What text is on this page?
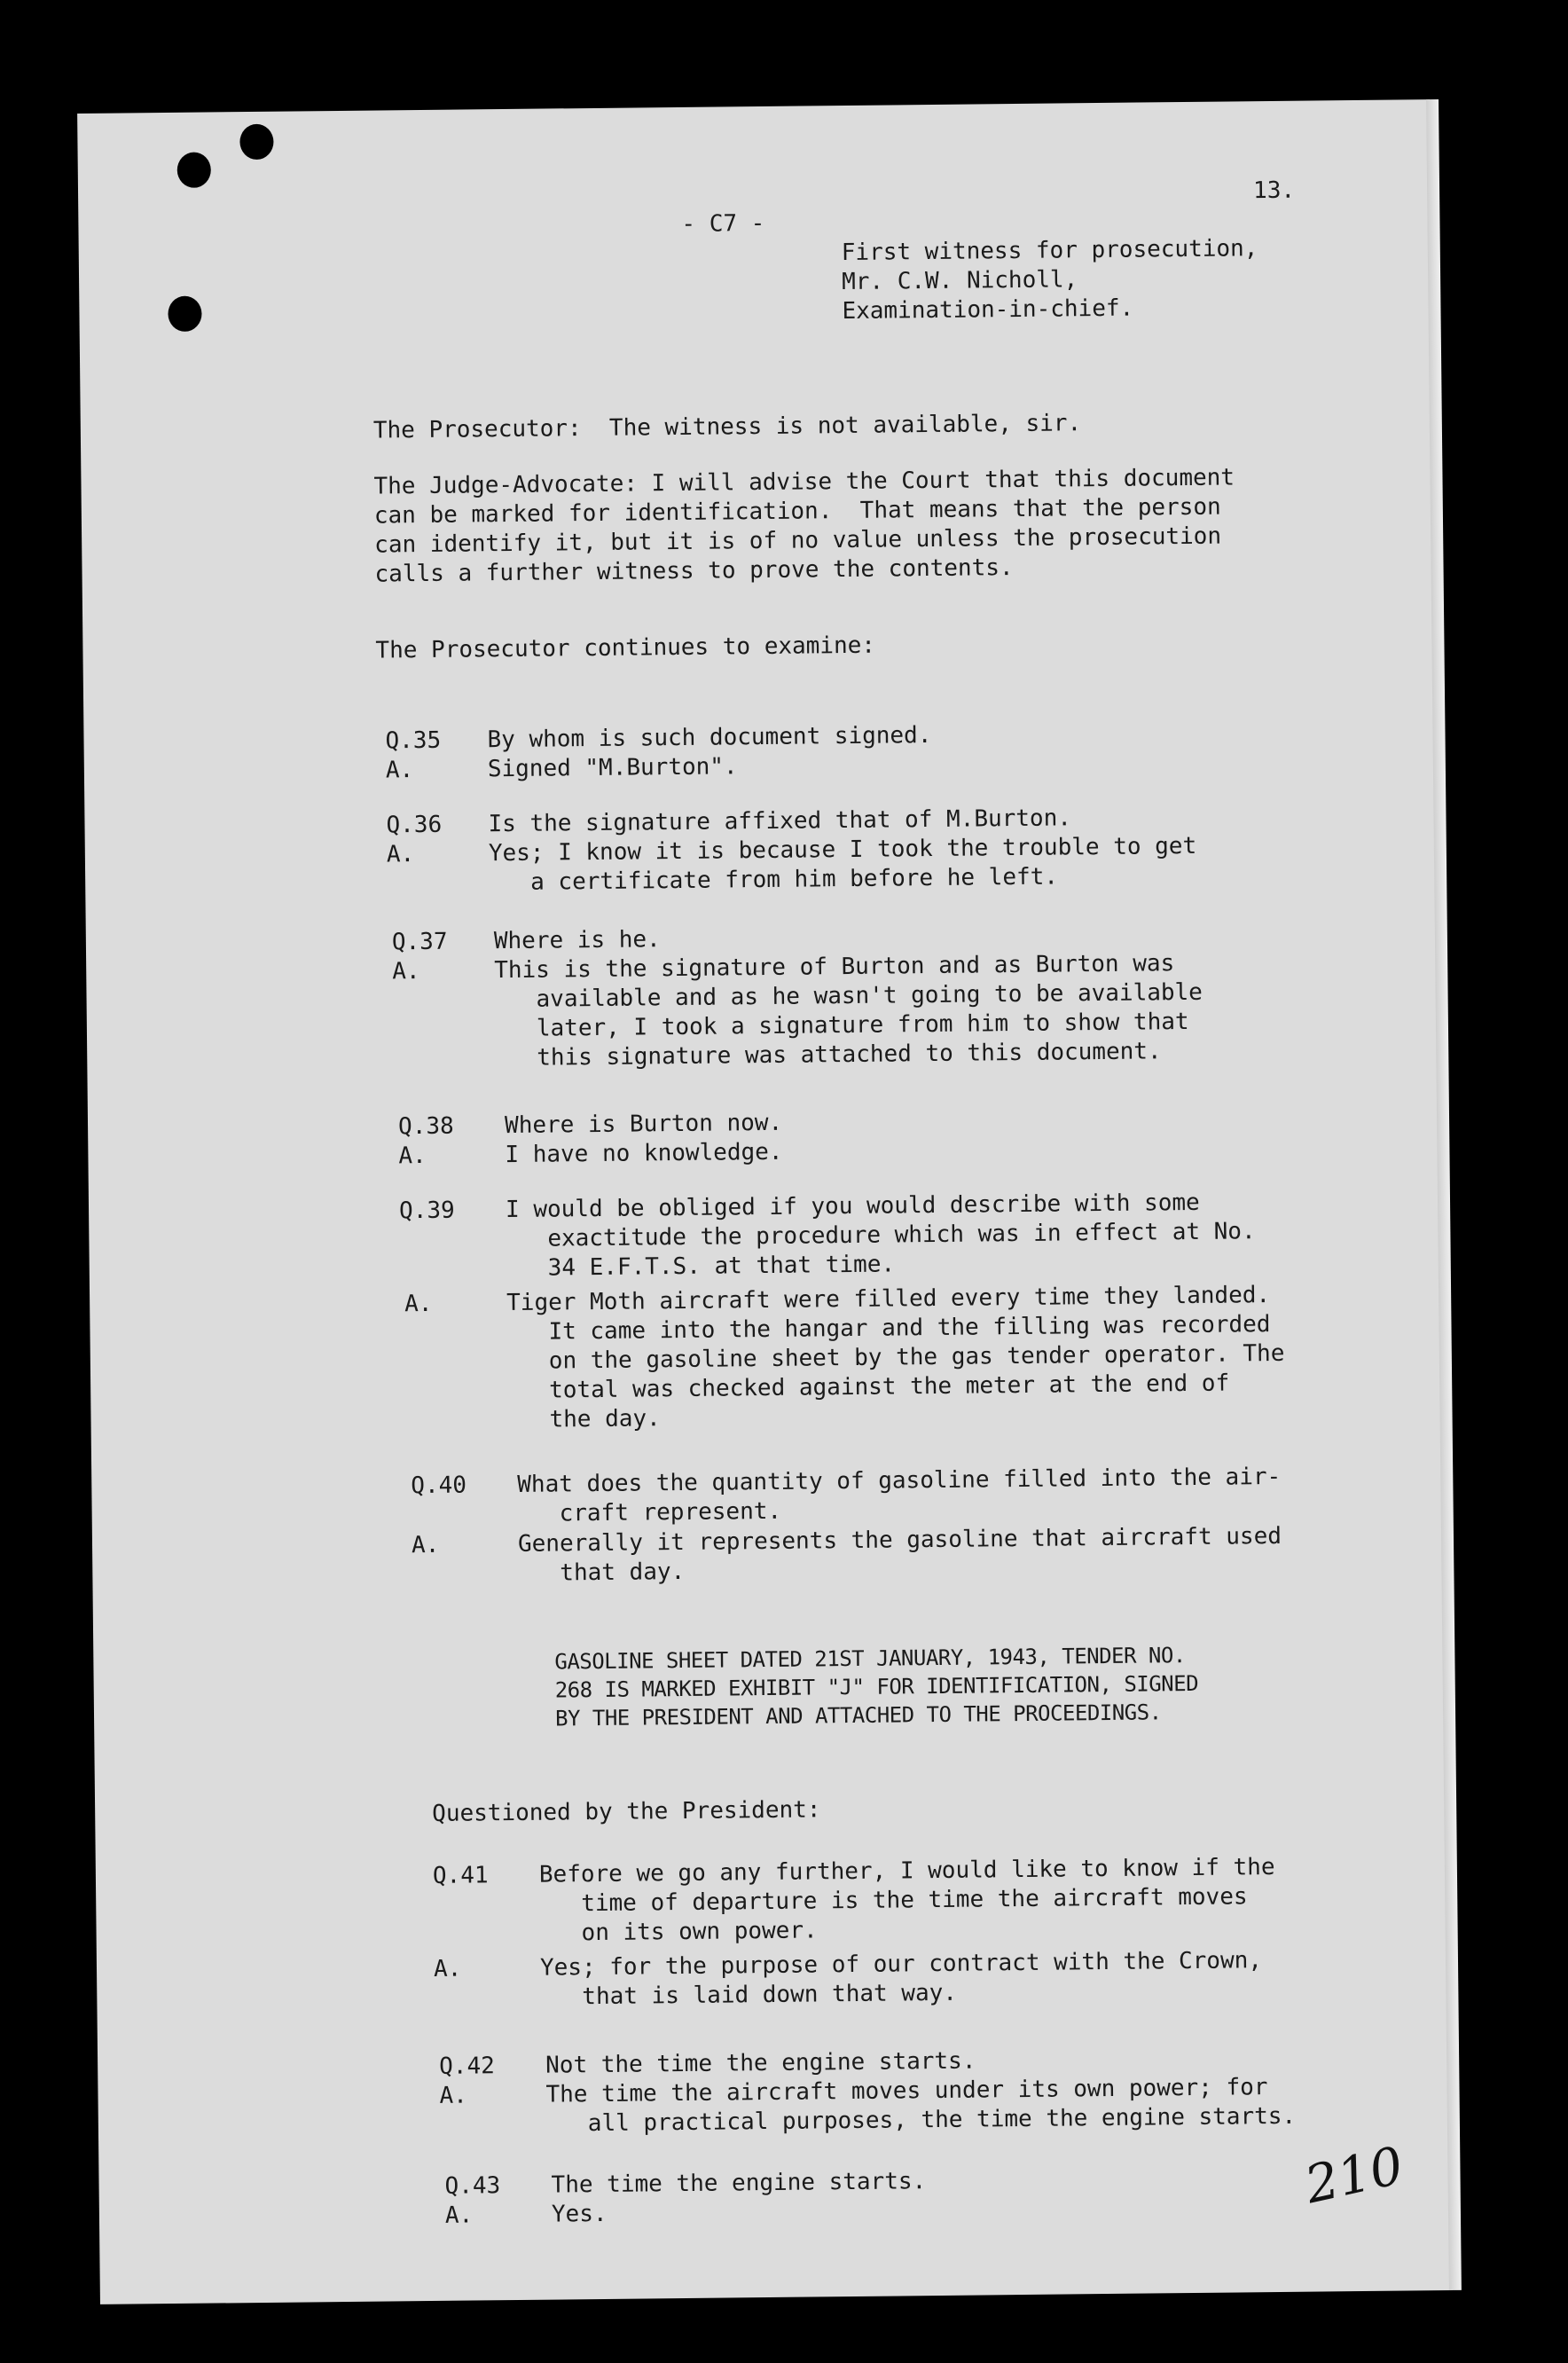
- C7 -
13.
First witness for prosecution,
Mr. C.W. Nicholl,
Examination-in-chief.
The Prosecutor:  The witness is not available, sir.
The Judge-Advocate: I will advise the Court that this document
can be marked for identification.  That means that the person
can identify it, but it is of no value unless the prosecution
calls a further witness to prove the contents.
The Prosecutor continues to examine:
Q.35 By whom is such document signed.
A.	Signed "M.Burton".
Q.36 Is the signature affixed that of M.Burton.
A.	Yes; I know it is because I took the trouble to get
a certificate from him before he left.
Q.37 Where is he.
A.	This is the signature of Burton and as Burton was
available and as he wasn't going to be available
later, I took a signature from him to show that
this signature was attached to this document.
Q.38 Where is Burton now.
A.	I have no knowledge.
Q.39 I would be obliged if you would describe with some
exactitude the procedure which was in effect at No.
34 E.F.T.S. at that time.
A.	Tiger Moth aircraft were filled every time they landed.
It came into the hangar and the filling was recorded
on the gasoline sheet by the gas tender operator. The
total was checked against the meter at the end of
the day.
Q.40 What does the quantity of gasoline filled into the air-
craft represent.
A.	Generally it represents the gasoline that aircraft used
that day.
GASOLINE SHEET DATED 21ST JANUARY, 1943, TENDER NO.
268 IS MARKED EXHIBIT "J" FOR IDENTIFICATION, SIGNED
BY THE PRESIDENT AND ATTACHED TO THE PROCEEDINGS.
Questioned by the President:
Q.41 Before we go any further, I would like to know if the
time of departure is the time the aircraft moves
on its own power.
A.	Yes; for the purpose of our contract with the Crown,
that is laid down that way.
Q.42 Not the time the engine starts.
A.	The time the aircraft moves under its own power; for
all practical purposes, the time the engine starts.
Q.43 The time the engine starts.
A.	Yes.	210
